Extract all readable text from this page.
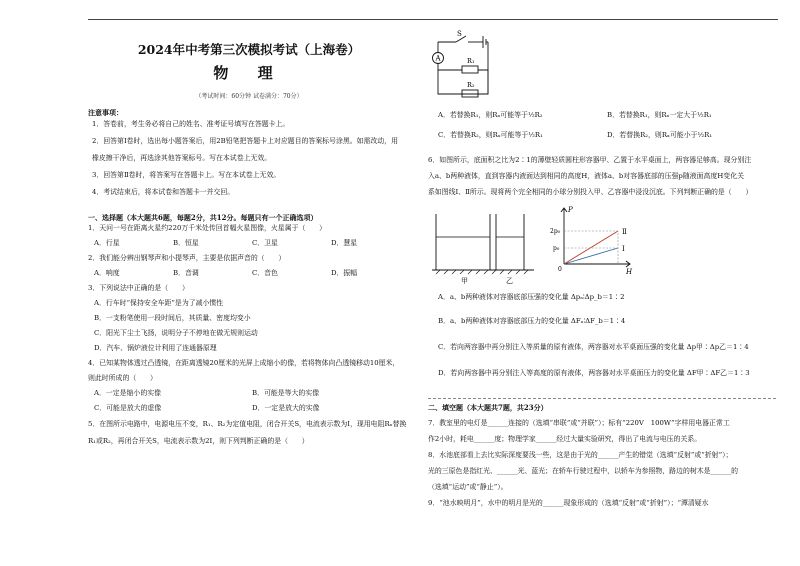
2024年中考第三次模拟考试（上海卷）
物 理
（考试时间：60分钟 试卷满分：70分）
注意事项：

1．答卷前，考生务必将自己的姓名、准考证号填写在答题卡上。

2．回答第Ⅰ卷时，选出每小题答案后，用2B铅笔把答题卡上对应题目的答案标号涂黑。如需改动，用

橡皮擦干净后，再选涂其他答案标号。写在本试卷上无效。

3．回答第Ⅱ卷时，将答案写在答题卡上。写在本试卷上无效。

4．考试结束后，将本试卷和答题卡一并交回。

一、选择题（本大题共6题，每题2分，共12分。每题只有一个正确选项）
1．天问一号在距离火星约220万千米处传回首幅火星图像，火星属于（　　）
A．行星	B．恒星	C．卫星	D．慧星
2．我们能分辨出钢琴声和小提琴声，主要是依据声音的（　　）
A．响度	B．音调	C．音色	D．振幅
3．下列说法中正确的是（　　）
A．行车时“保持安全车距”是为了减小惯性
B．一支粉笔使用一段时间后，其质量、密度均变小
C．阳光下尘土飞扬，说明分子不停地在做无规则运动
D．汽车、锅炉液位计利用了连通器原理
4．已知某物体透过凸透镜，在距离透镜20厘米的光屏上成缩小的像，若将物体向凸透镜移动10厘米，
则此时所成的（　　）
A．一定是缩小的实像	B．可能是等大的实像
C．可能是放大的虚像	D．一定是放大的实像
5．在图所示电路中，电源电压不变，R₁、R₂为定值电阻，闭合开关S，电流表示数为I，现用电阻Rₓ替换
R₁或R₂，再闭合开关S，电流表示数为2I，则下列判断正确的是（　　）
A
S
R₁
R₂
A．若替换R₁，则Rₓ可能等于½R₂	B．若替换R₁，则Rₓ一定大于½R₁
C．若替换R₂，则Rₓ可能等于½R₁	D．若替换R₂，则Rₓ可能小于½R₁
6．如图所示，底面积之比为2∶1的薄壁轻质圆柱形容器甲、乙置于水平桌面上，两容器足够高。现分别注
入a、b两种液体，直到容器内液面达到相同的高度H，液体a、b对容器底部的压强p随液面高度H变化关
系如图线Ⅰ、Ⅱ所示。现将两个完全相同的小球分别投入甲、乙容器中浸没沉底。下列判断正确的是（　　）
甲	乙
Ⅱ
Ⅰ
2p₀
p₀
0
P
H
A．a、b两种液体对容器底部压强的变化量 Δpₐ∶Δp_b＝1∶2
B．a、b两种液体对容器底部压力的变化量 ΔFₐ∶ΔF_b＝1∶4
C．若向两容器中再分别注入等质量的原有液体，两容器对水平桌面压强的变化量 Δp甲∶Δp乙＝1∶4
D．若向两容器中再分别注入等高度的原有液体，两容器对水平桌面压力的变化量 ΔF甲∶ΔF乙＝1∶3
二、填空题（本大题共7题，共23分）
7．教室里的电灯是______连接的（选填“串联”或“并联”）；标有“220V　100W”字样用电器正常工
作2小时，耗电______度；物理学家______经过大量实验研究，得出了电流与电压的关系。
8．水池底部看上去比实际深度要浅一些，这是由于光的______产生的错觉（选填“反射”或“折射”）；
光的三原色是指红光、______光、蓝光；在轿车行驶过程中，以轿车为参照物，路边的树木是______的
（选填“运动”或“静止”）。
9．“池水映明月”，水中的明月是光的______现象形成的（选填“反射”或“折射”）；“潭清疑水
